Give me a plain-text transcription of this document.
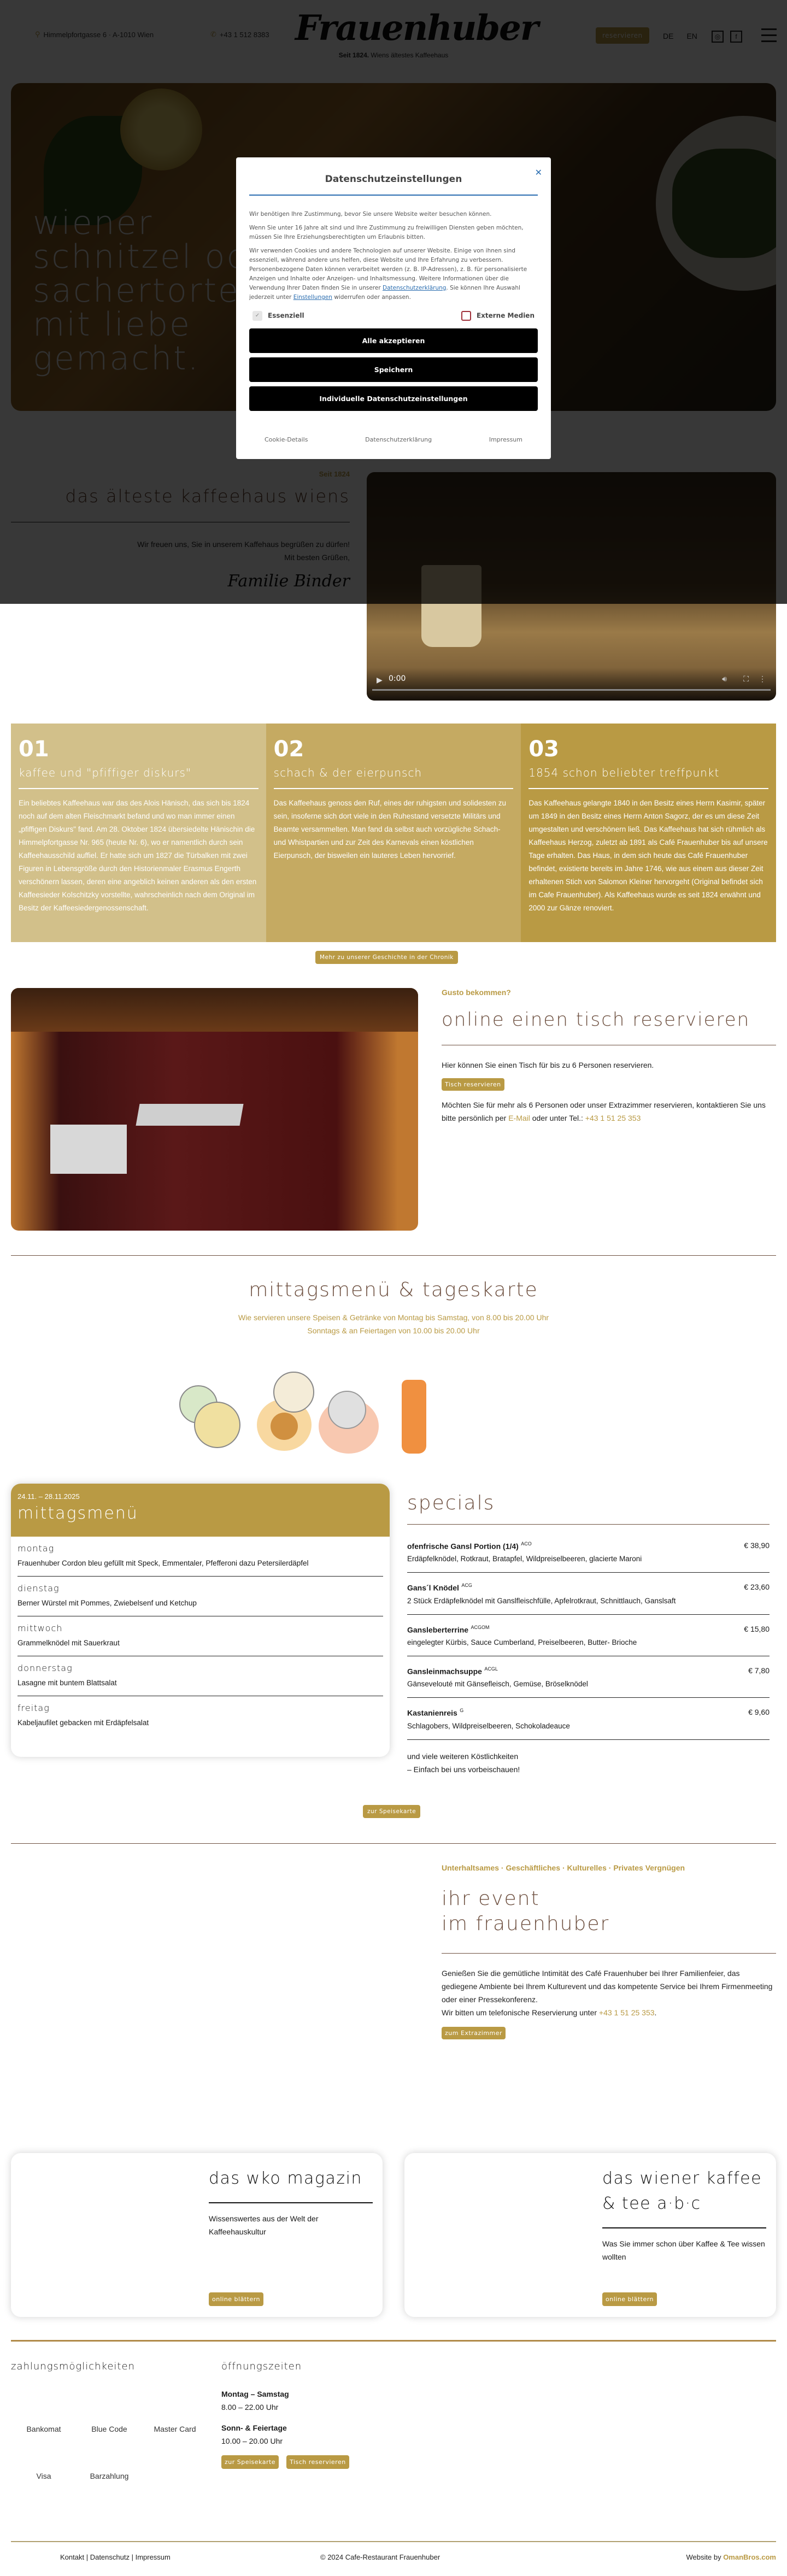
▶ 0:00	🔊︎ ⛶ ⋮
✕
Datenschutzeinstellungen

Wir benötigen Ihre Zustimmung, bevor Sie unsere Website weiter besuchen können.

Wenn Sie unter 16 Jahre alt sind und Ihre Zustimmung zu freiwilligen Diensten geben möchten, müssen Sie Ihre Erziehungsberechtigten um Erlaubnis bitten.

Wir verwenden Cookies und andere Technologien auf unserer Website. Einige von ihnen sind essenziell, während andere uns helfen, diese Website und Ihre Erfahrung zu verbessern. Personenbezogene Daten können verarbeitet werden (z. B. IP-Adressen), z. B. für personalisierte Anzeigen und Inhalte oder Anzeigen- und Inhaltsmessung. Weitere Informationen über die Verwendung Ihrer Daten finden Sie in unserer Datenschutzerklärung. Sie können Ihre Auswahl jederzeit unter Einstellungen widerrufen oder anpassen.

✓ Essenziell	Externe Medien
Alle akzeptieren
Speichern
Individuelle Datenschutzeinstellungen
Cookie-Details	Datenschutzerklärung	Impressum
01
kaffee und "pfiffiger diskurs"

Ein beliebtes Kaffeehaus war das des Alois Hänisch, das sich bis 1824 noch auf dem alten Fleischmarkt befand und wo man immer einen „pfiffigen Diskurs" fand. Am 28. Oktober 1824 übersiedelte Hänischin die Himmelpfortgasse Nr. 965 (heute Nr. 6), wo er namentlich durch sein Kaffeehausschild auffiel. Er hatte sich um 1827 die Türbalken mit zwei Figuren in Lebensgröße durch den Historienmaler Erasmus Engerth verschönern lassen, deren eine angeblich keinen anderen als den ersten Kaffeesieder Kolschitzky vorstellte, wahrscheinlich nach dem Original im Besitz der Kaffeesiedergenossenschaft.

02
schach & der eierpunsch

Das Kaffeehaus genoss den Ruf, eines der ruhigsten und solidesten zu sein, insoferne sich dort viele in den Ruhestand versetzte Militärs und Beamte versammelten. Man fand da selbst auch vorzügliche Schach- und Whistpartien und zur Zeit des Karnevals einen köstlichen Eierpunsch, der bisweilen ein lauteres Leben hervorrief.

03
1854 schon beliebter treffpunkt

Das Kaffeehaus gelangte 1840 in den Besitz eines Herrn Kasimir, später um 1849 in den Besitz eines Herrn Anton Sagorz, der es um diese Zeit umgestalten und verschönern ließ. Das Kaffeehaus hat sich rühmlich als Kaffeehaus Herzog, zuletzt ab 1891 als Café Frauenhuber bis auf unsere Tage erhalten. Das Haus, in dem sich heute das Café Frauenhuber befindet, existierte bereits im Jahre 1746, wie aus einem aus dieser Zeit erhaltenen Stich von Salomon Kleiner hervorgeht (Original befindet sich im Cafe Frauenhuber). Als Kaffeehaus wurde es seit 1824 erwähnt und 2000 zur Gänze renoviert.

Mehr zu unserer Geschichte in der Chronik
Gusto bekommen?
online einen tisch reservieren

Hier können Sie einen Tisch für bis zu 6 Personen reservieren.

Tisch reservieren

Möchten Sie für mehr als 6 Personen oder unser Extrazimmer reservieren, kontaktieren Sie uns bitte persönlich per E-Mail oder unter Tel.: +43 1 51 25 353

mittagsmenü & tageskarte

Wie servieren unsere Speisen & Getränke von Montag bis Samstag, von 8.00 bis 20.00 Uhr

Sonntags & an Feiertagen von 10.00 bis 20.00 Uhr

24.11. – 28.11.2025
mittagsmenü
montag

Frauenhuber Cordon bleu gefüllt mit Speck, Emmentaler, Pfefferoni dazu Petersilerdäpfel

dienstag

Berner Würstel mit Pommes, Zwiebelsenf und Ketchup

mittwoch

Grammelknödel mit Sauerkraut

donnerstag

Lasagne mit buntem Blattsalat

freitag

Kabeljaufilet gebacken mit Erdäpfelsalat

specials
ofenfrische Gansl Portion (1/4) $^{ACO}$	€ 38,90
Erdäpfelknödel, Rotkraut, Bratapfel, Wildpreiselbeeren, glacierte Maroni
Gans´l Knödel $^{ACG}$	€ 23,60
2 Stück Erdäpfelknödel mit Ganslfleischfülle, Apfelrotkraut, Schnittlauch, Ganslsaft
Gansleberterrine $^{ACGOM}$	€ 15,80
eingelegter Kürbis, Sauce Cumberland, Preiselbeeren, Butter- Brioche
Gansleinmachsuppe $^{ACGL}$	€ 7,80
Gänsevelouté mit Gänsefleisch, Gemüse, Bröselknödel
Kastanienreis $^G$	€ 9,60
Schlagobers, Wildpreiselbeeren, Schokoladeauce
und viele weiteren Köstlichkeiten
– Einfach bei uns vorbeischauen!
zur Speisekarte
Unterhaltsames · Geschäftliches · Kulturelles · Privates Vergnügen
ihr event
im frauenhuber

Genießen Sie die gemütliche Intimität des Café Frauenhuber bei Ihrer Familienfeier, das gediegene Ambiente bei Ihrem Kulturevent und das kompetente Service bei Ihrem Firmenmeeting oder einer Pressekonferenz.

Wir bitten um telefonische Reservierung unter +43 1 51 25 353.

zum Extrazimmer
das wko magazin

Wissenswertes aus der Welt der Kaffeehauskultur

online blättern
das wiener kaffee & tee a·b·c

Was Sie immer schon über Kaffee & Tee wissen wollten

online blättern
zahlungsmöglichkeiten
Bankomat	Blue Code	Master Card
Visa	Barzahlung
öffnungszeiten
Montag – Samstag
8.00 – 22.00 Uhr
Sonn- & Feiertage
10.00 – 20.00 Uhr
zur Speisekarte	Tisch reservieren
Kontakt | Datenschutz | Impressum	© 2024 Cafe-Restaurant Frauenhuber	Website by OmanBros.com
